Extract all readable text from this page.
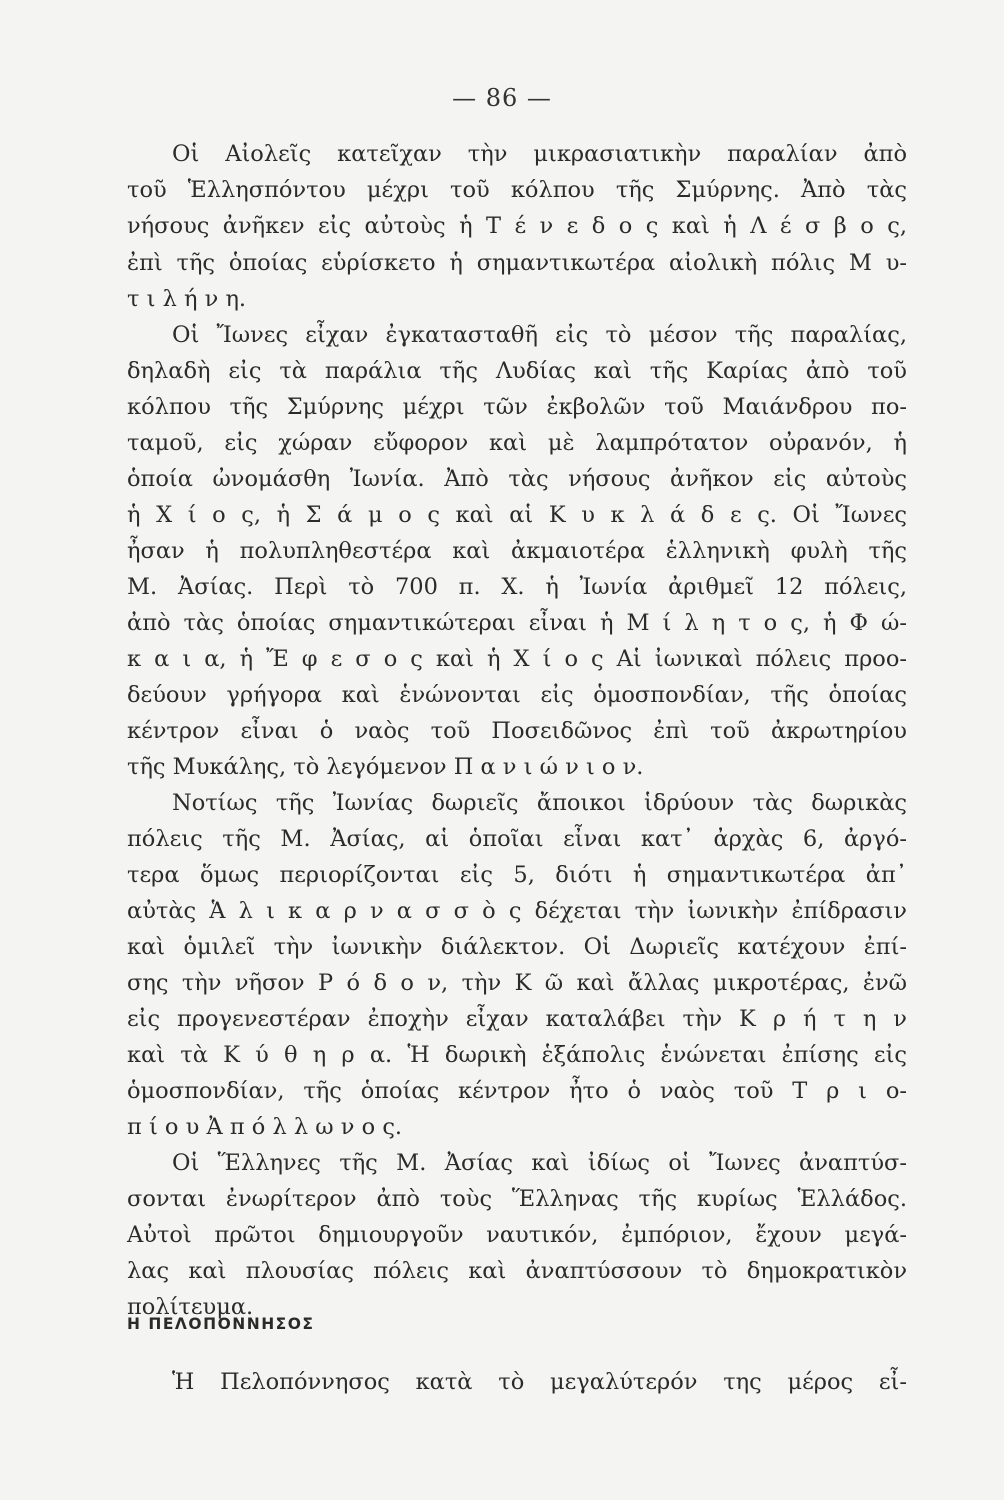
— 86 —
Οἱ Αἰολεῖς κατεῖχαν τὴν μικρασιατικὴν παραλίαν ἀπὸ
τοῦ Ἑλλησπόντου μέχρι τοῦ κόλπου τῆς Σμύρνης. Ἀπὸ τὰς
νήσους ἀνῆκεν εἰς αὐτοὺς ἡ Τ έ ν ε δ ο ς καὶ ἡ Λ έ σ β ο ς,
ἐπὶ τῆς ὁποίας εὑρίσκετο ἡ σημαντικωτέρα αἰολικὴ πόλις Μ υ-
τ ι λ ή ν η.
Οἱ Ἴωνες εἶχαν ἐγκατασταθῆ εἰς τὸ μέσον τῆς παραλίας,
δηλαδὴ εἰς τὰ παράλια τῆς Λυδίας καὶ τῆς Καρίας ἀπὸ τοῦ
κόλπου τῆς Σμύρνης μέχρι τῶν ἐκβολῶν τοῦ Μαιάνδρου πο-
ταμοῦ, εἰς χώραν εὔφορον καὶ μὲ λαμπρότατον οὐρανόν, ἡ
ὁποία ὠνομάσθη Ἰωνία. Ἀπὸ τὰς νήσους ἀνῆκον εἰς αὐτοὺς
ἡ Χ ί ο ς, ἡ Σ ά μ ο ς καὶ αἱ Κ υ κ λ ά δ ε ς. Οἱ Ἴωνες
ἦσαν ἡ πολυπληθεστέρα καὶ ἀκμαιοτέρα ἑλληνικὴ φυλὴ τῆς
Μ. Ἀσίας. Περὶ τὸ 700 π. Χ. ἡ Ἰωνία ἀριθμεῖ 12 πόλεις,
ἀπὸ τὰς ὁποίας σημαντικώτεραι εἶναι ἡ Μ ί λ η τ ο ς, ἡ Φ ώ-
κ α ι α, ἡ Ἔ φ ε σ ο ς καὶ ἡ Χ ί ο ς Αἱ ἰωνικαὶ πόλεις προο-
δεύουν γρήγορα καὶ ἑνώνονται εἰς ὁμοσπονδίαν, τῆς ὁποίας
κέντρον εἶναι ὁ ναὸς τοῦ Ποσειδῶνος ἐπὶ τοῦ ἀκρωτηρίου
τῆς Μυκάλης, τὸ λεγόμενον Π α ν ι ώ ν ι ο ν.
Νοτίως τῆς Ἰωνίας δωριεῖς ἄποικοι ἱδρύουν τὰς δωρικὰς
πόλεις τῆς Μ. Ἀσίας, αἱ ὁποῖαι εἶναι κατ᾽ ἀρχὰς 6, ἀργό-
τερα ὅμως περιορίζονται εἰς 5, διότι ἡ σημαντικωτέρα ἀπ᾽
αὐτὰς Ἁ λ ι κ α ρ ν α σ σ ὸ ς δέχεται τὴν ἰωνικὴν ἐπίδρασιν
καὶ ὁμιλεῖ τὴν ἰωνικὴν διάλεκτον. Οἱ Δωριεῖς κατέχουν ἐπί-
σης τὴν νῆσον Ρ ό δ ο ν, τὴν Κ ῶ καὶ ἄλλας μικροτέρας, ἐνῶ
εἰς προγενεστέραν ἐποχὴν εἶχαν καταλάβει τὴν Κ ρ ή τ η ν
καὶ τὰ Κ ύ θ η ρ α. Ἡ δωρικὴ ἑξάπολις ἑνώνεται ἐπίσης εἰς
ὁμοσπονδίαν, τῆς ὁποίας κέντρον ἦτο ὁ ναὸς τοῦ Τ ρ ι ο-
π ί ο υ Ἀ π ό λ λ ω ν ο ς.
Οἱ Ἕλληνες τῆς Μ. Ἀσίας καὶ ἰδίως οἱ Ἴωνες ἀναπτύσ-
σονται ἐνωρίτερον ἀπὸ τοὺς Ἕλληνας τῆς κυρίως Ἑλλάδος.
Αὐτοὶ πρῶτοι δημιουργοῦν ναυτικόν, ἐμπόριον, ἔχουν μεγά-
λας καὶ πλουσίας πόλεις καὶ ἀναπτύσσουν τὸ δημοκρατικὸν
πολίτευμα.
Η ΠΕΛΟΠΟΝΝΗΣΟΣ
Ἡ Πελοπόννησος κατὰ τὸ μεγαλύτερόν της μέρος εἶ-
